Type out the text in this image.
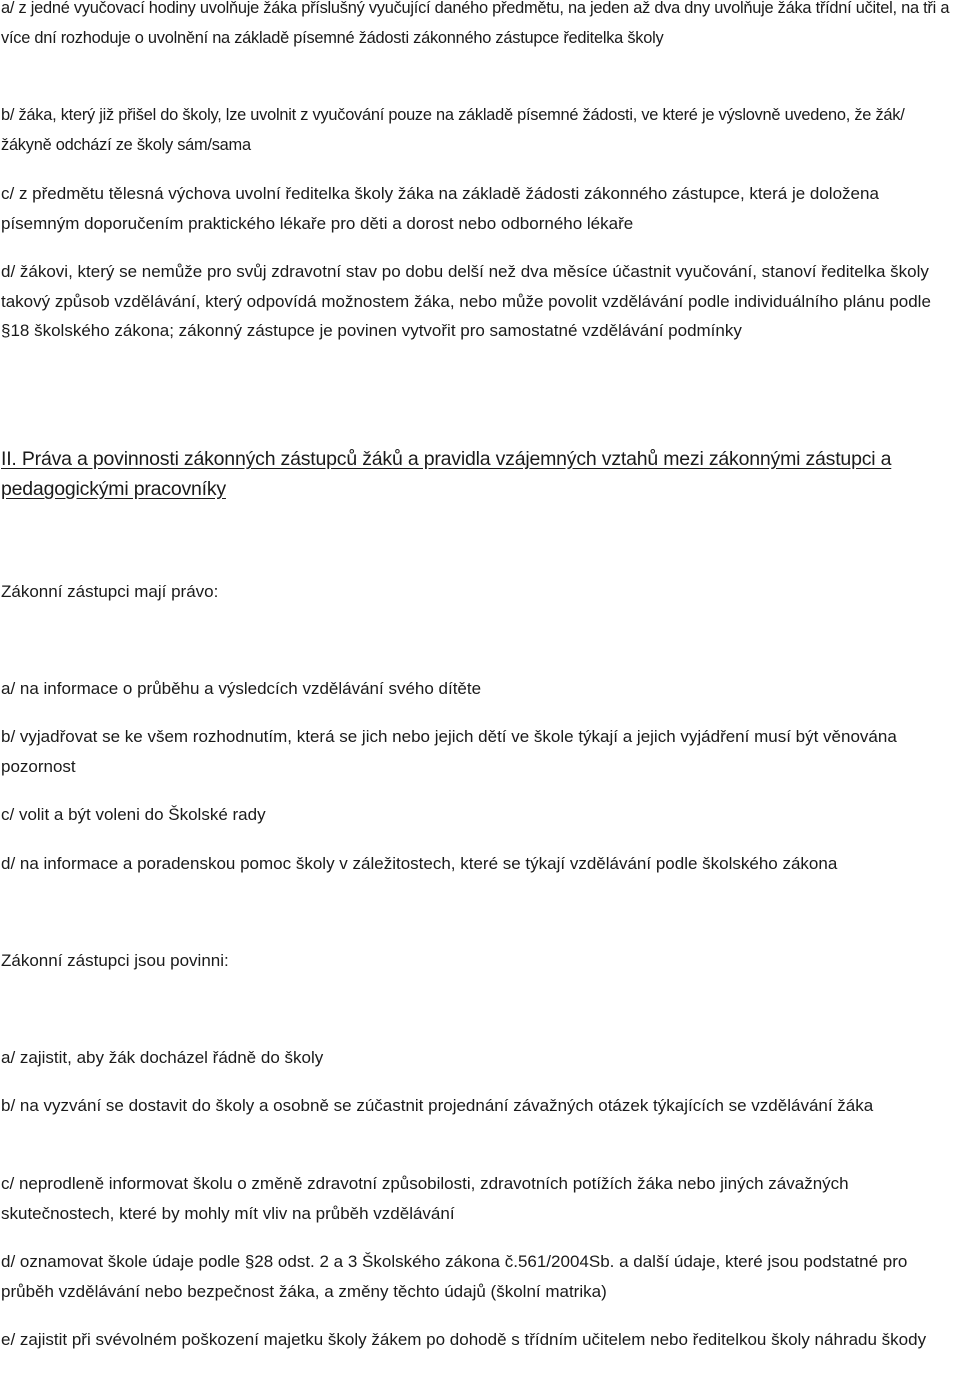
a/ z jedné vyučovací hodiny uvolňuje žáka příslušný vyučující daného předmětu, na jeden až dva dny uvolňuje žáka třídní učitel, na tři a více dní rozhoduje o uvolnění na základě písemné žádosti zákonného zástupce ředitelka školy

b/ žáka, který již přišel do školy, lze uvolnit z vyučování pouze na základě písemné žádosti, ve které je výslovně uvedeno, že žák/ žákyně odchází ze školy sám/sama

c/ z předmětu tělesná výchova uvolní ředitelka školy žáka na základě žádosti zákonného zástupce, která je doložena písemným doporučením praktického lékaře pro děti a dorost nebo odborného lékaře

d/ žákovi, který se nemůže pro svůj zdravotní stav po dobu delší než dva měsíce účastnit vyučování, stanoví ředitelka školy takový způsob vzdělávání, který odpovídá možnostem žáka, nebo může povolit vzdělávání podle individuálního plánu podle §18 školského zákona; zákonný zástupce je povinen vytvořit pro samostatné vzdělávání podmínky

II. Práva a povinnosti zákonných zástupců žáků a pravidla vzájemných vztahů mezi zákonnými zástupci a pedagogickými pracovníky

Zákonní zástupci mají právo:

a/ na informace o průběhu a výsledcích vzdělávání svého dítěte

b/ vyjadřovat se ke všem rozhodnutím, která se jich nebo jejich dětí ve škole týkají a jejich vyjádření musí být věnována pozornost

c/ volit a být voleni do Školské rady

d/ na informace a poradenskou pomoc školy v záležitostech, které se týkají vzdělávání podle školského zákona

Zákonní zástupci jsou povinni:

a/ zajistit, aby žák docházel řádně do školy

b/ na vyzvání se dostavit do školy a osobně se zúčastnit projednání závažných otázek týkajících se vzdělávání žáka

c/ neprodleně informovat školu o změně zdravotní způsobilosti, zdravotních potížích žáka nebo jiných závažných skutečnostech, které by mohly mít vliv na průběh vzdělávání

d/ oznamovat škole údaje podle §28 odst. 2 a 3 Školského zákona č.561/2004Sb. a další údaje, které jsou podstatné pro průběh vzdělávání nebo bezpečnost žáka, a změny těchto údajů (školní matrika)

e/ zajistit při svévolném poškození majetku školy žákem po dohodě s třídním učitelem nebo ředitelkou školy náhradu škody
